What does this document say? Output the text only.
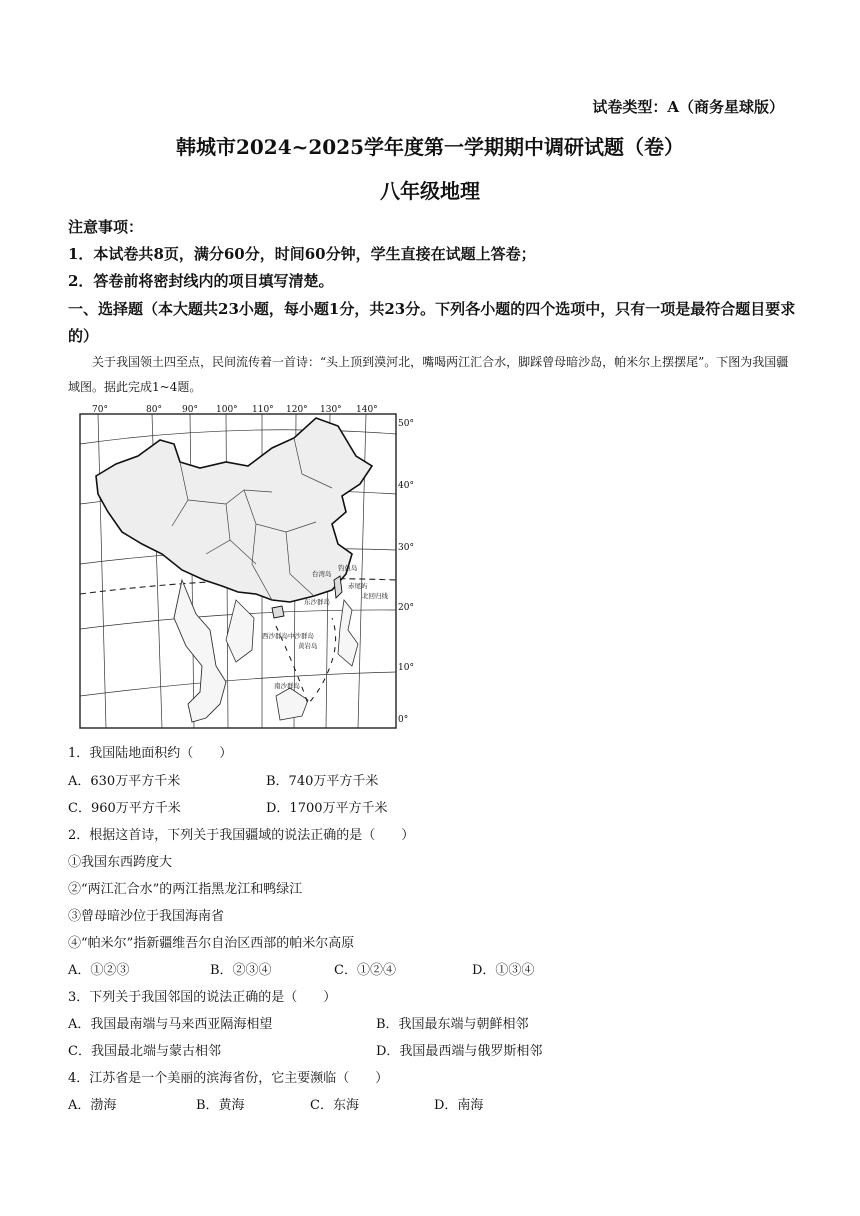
试卷类型：A（商务星球版）
韩城市2024~2025学年度第一学期期中调研试题（卷）
八年级地理
注意事项：
1．本试卷共8页，满分60分，时间60分钟，学生直接在试题上答卷；
2．答卷前将密封线内的项目填写清楚。
一、选择题（本大题共23小题，每小题1分，共23分。下列各小题的四个选项中，只有一项是最符合题目要求的）
关于我国领土四至点，民间流传着一首诗：“头上顶到漠河北，嘴喝两江汇合水，脚踩曾母暗沙岛，帕米尔上摆摆尾”。下图为我国疆域图。据此完成1~4题。
70°	80° 90° 100° 110° 120° 130° 140°
50°
40°
30°
20°
10°
0°
钓鱼岛
赤尾屿
台湾岛
北回归线
东沙群岛
西沙群岛 中沙群岛
黄岩岛
南沙群岛
1．我国陆地面积约（　　）
A．630万平方千米	B．740万平方千米
C．960万平方千米	D．1700万平方千米
2．根据这首诗，下列关于我国疆域的说法正确的是（　　）
①我国东西跨度大
②“两江汇合水”的两江指黑龙江和鸭绿江
③曾母暗沙位于我国海南省
④“帕米尔”指新疆维吾尔自治区西部的帕米尔高原
A．①②③	B．②③④	C．①②④	D．①③④
3．下列关于我国邻国的说法正确的是（　　）
A．我国最南端与马来西亚隔海相望	B．我国最东端与朝鲜相邻
C．我国最北端与蒙古相邻	D．我国最西端与俄罗斯相邻
4．江苏省是一个美丽的滨海省份，它主要濒临（　　）
A．渤海	B．黄海	C．东海	D．南海
